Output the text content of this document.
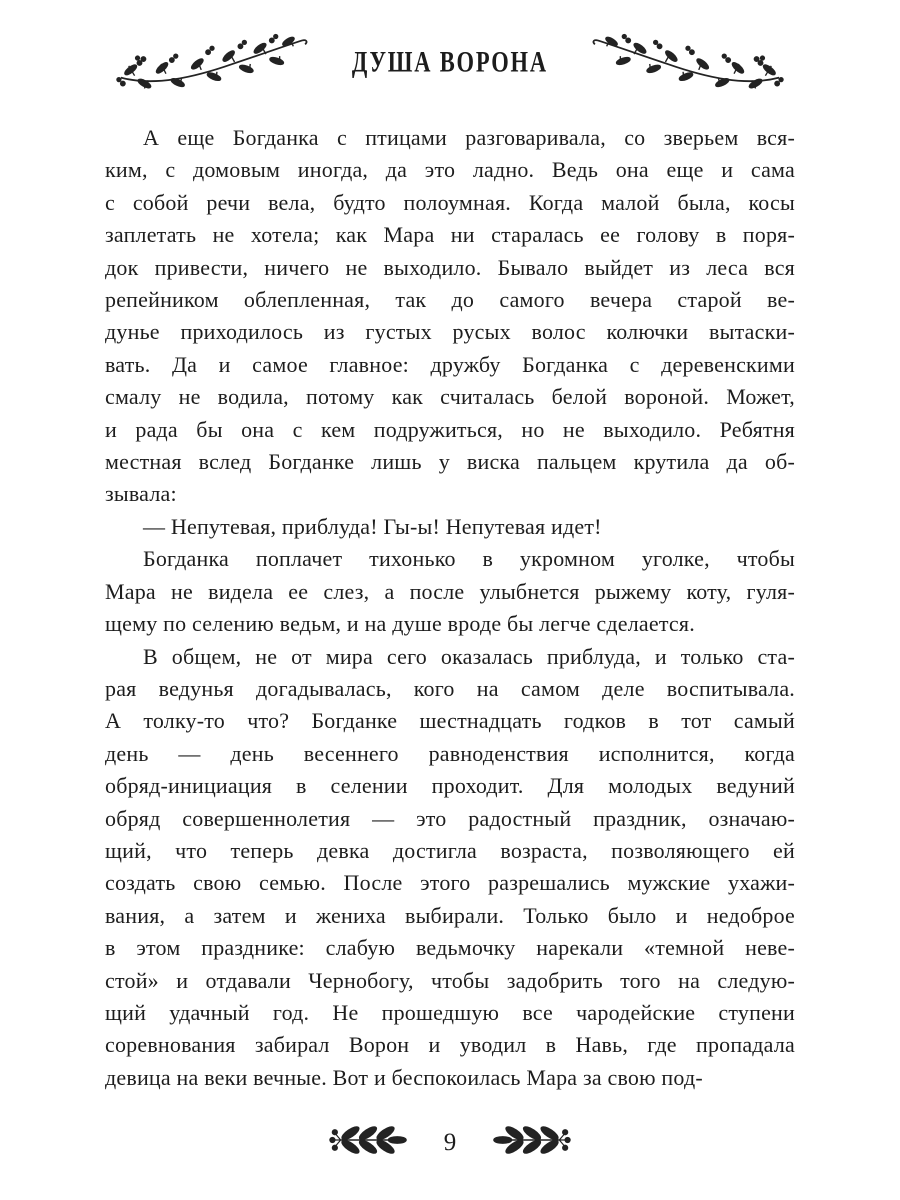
ДУША ВОРОНА
А еще Богданка с птицами разговаривала, со зверьем вся-
ким, с домовым иногда, да это ладно. Ведь она еще и сама
с собой речи вела, будто полоумная. Когда малой была, косы
заплетать не хотела; как Мара ни старалась ее голову в поря-
док привести, ничего не выходило. Бывало выйдет из леса вся
репейником облепленная, так до самого вечера старой ве-
дунье приходилось из густых русых волос колючки вытаски-
вать. Да и самое главное: дружбу Богданка с деревенскими
смалу не водила, потому как считалась белой вороной. Может,
и рада бы она с кем подружиться, но не выходило. Ребятня
местная вслед Богданке лишь у виска пальцем крутила да об-
зывала:
— Непутевая, приблуда! Гы-ы! Непутевая идет!
Богданка поплачет тихонько в укромном уголке, чтобы
Мара не видела ее слез, а после улыбнется рыжему коту, гуля-
щему по селению ведьм, и на душе вроде бы легче сделается.
В общем, не от мира сего оказалась приблуда, и только ста-
рая ведунья догадывалась, кого на самом деле воспитывала.
А толку-то что? Богданке шестнадцать годков в тот самый
день — день весеннего равноденствия исполнится, когда
обряд-инициация в селении проходит. Для молодых ведуний
обряд совершеннолетия — это радостный праздник, означаю-
щий, что теперь девка достигла возраста, позволяющего ей
создать свою семью. После этого разрешались мужские ухажи-
вания, а затем и жениха выбирали. Только было и недоброе
в этом празднике: слабую ведьмочку нарекали «темной неве-
стой» и отдавали Чернобогу, чтобы задобрить того на следую-
щий удачный год. Не прошедшую все чародейские ступени
соревнования забирал Ворон и уводил в Навь, где пропадала
девица на веки вечные. Вот и беспокоилась Мара за свою под-
9
